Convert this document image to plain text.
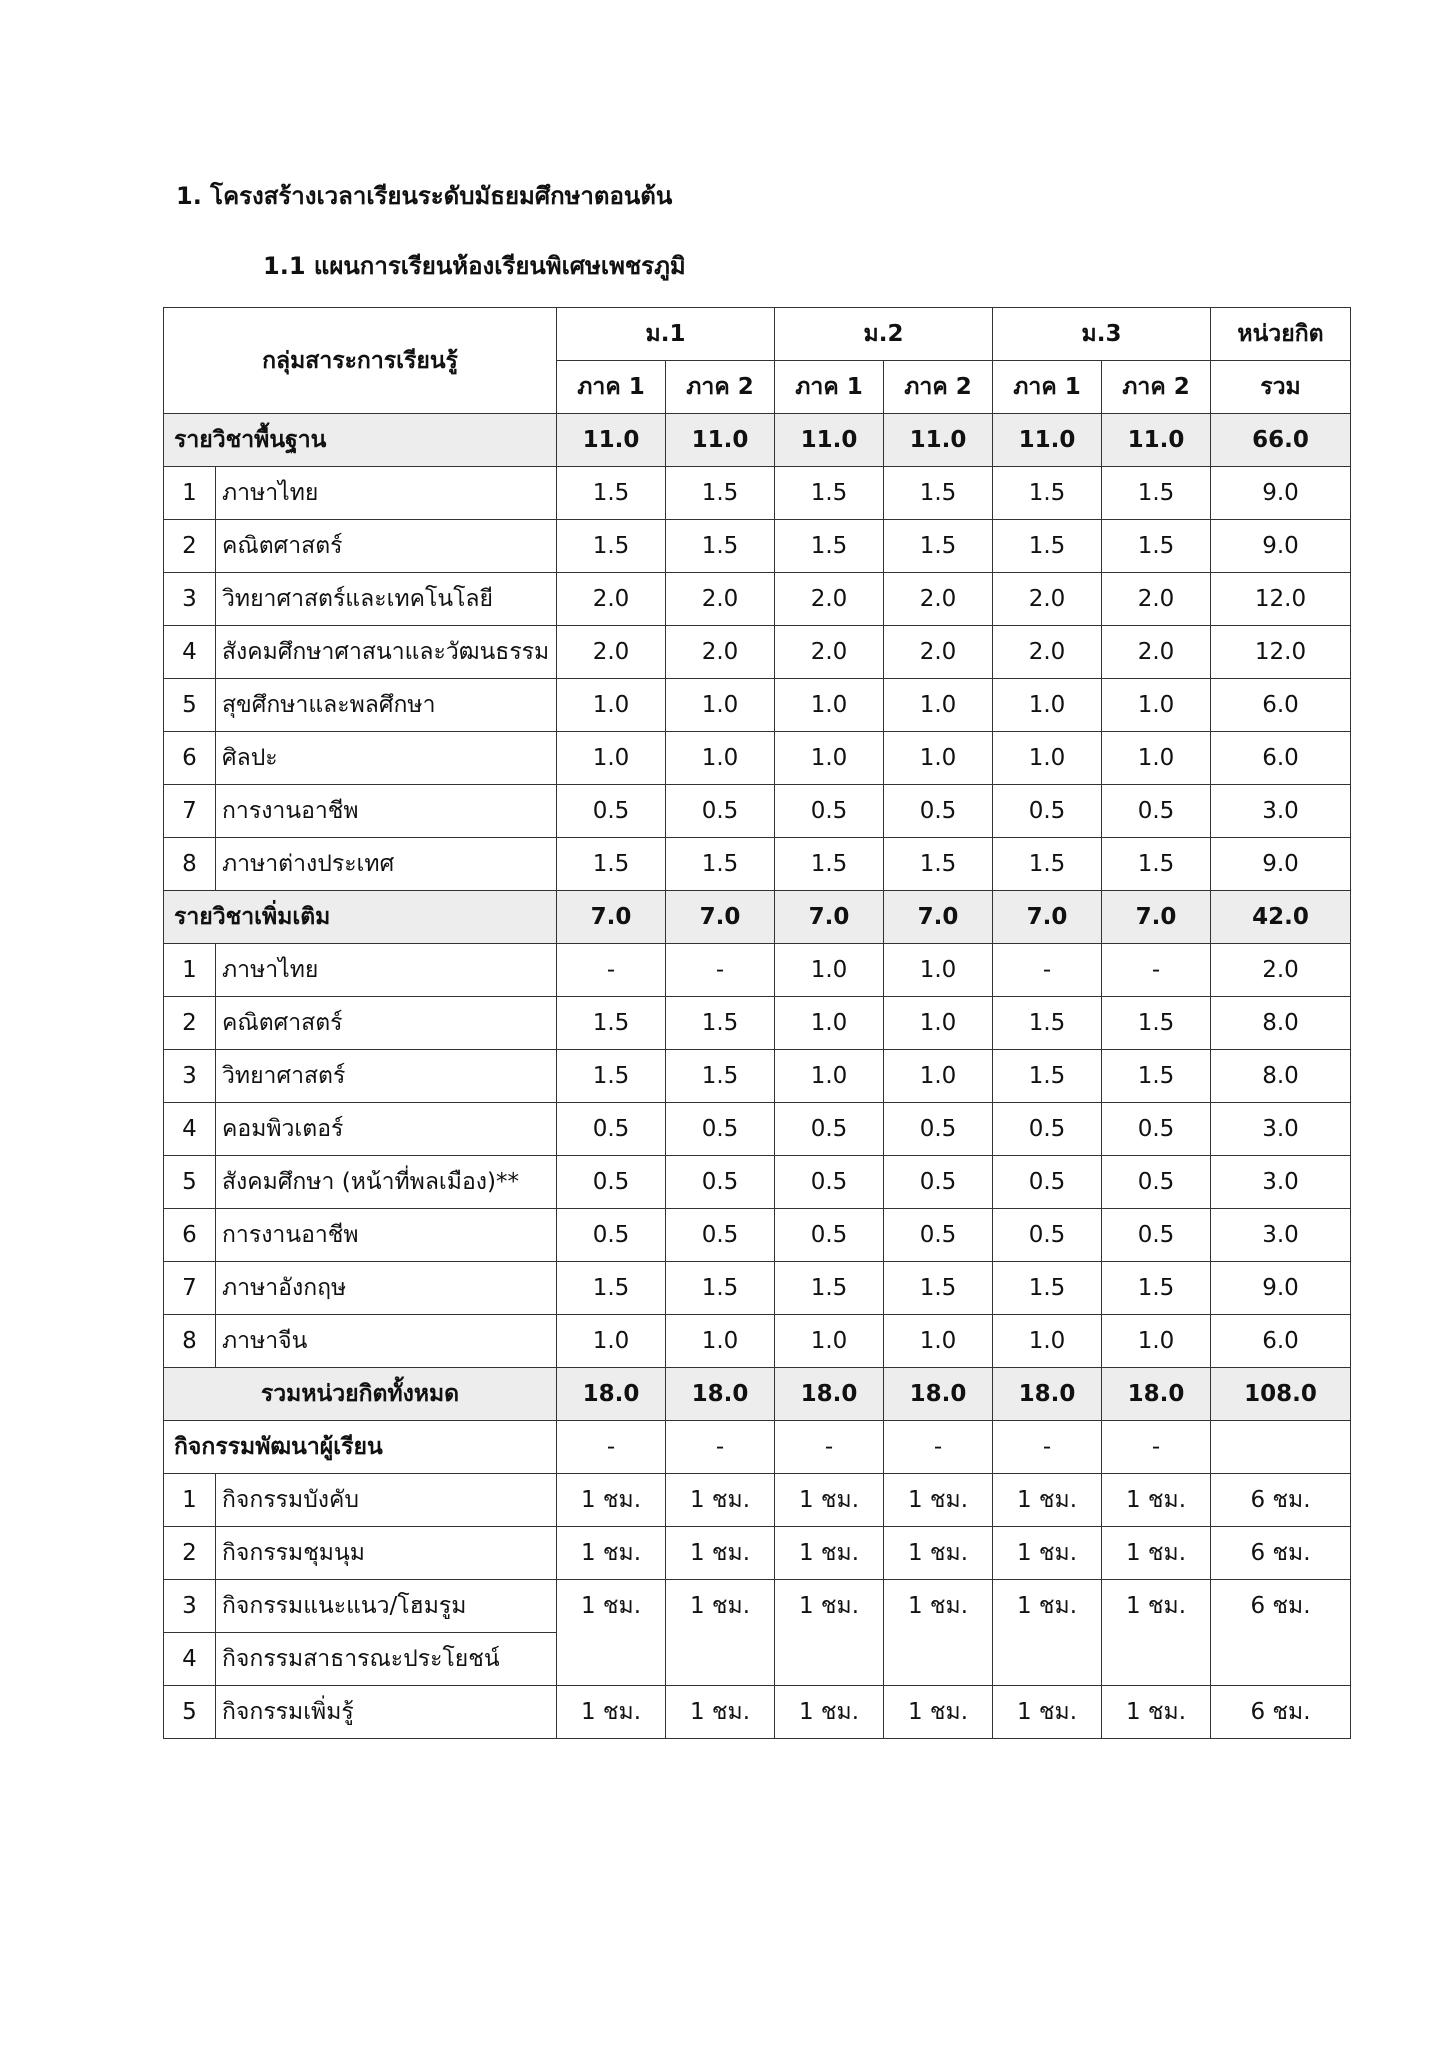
1. โครงสร้างเวลาเรียนระดับมัธยมศึกษาตอนต้น
1.1 แผนการเรียนห้องเรียนพิเศษเพชรภูมิ
กลุ่มสาระการเรียนรู้		ม.1		ม.2		ม.3		หน่วยกิต
		ภาค 1	ภาค 2	ภาค 1	ภาค 2	ภาค 1	ภาค 2	รวม
รายวิชาพื้นฐาน		11.0	11.0	11.0	11.0	11.0	11.0	66.0
1	ภาษาไทย	1.5	1.5	1.5	1.5	1.5	1.5	9.0
2	คณิตศาสตร์	1.5	1.5	1.5	1.5	1.5	1.5	9.0
3	วิทยาศาสตร์และเทคโนโลยี	2.0	2.0	2.0	2.0	2.0	2.0	12.0
4	สังคมศึกษาศาสนาและวัฒนธรรม	2.0	2.0	2.0	2.0	2.0	2.0	12.0
5	สุขศึกษาและพลศึกษา	1.0	1.0	1.0	1.0	1.0	1.0	6.0
6	ศิลปะ	1.0	1.0	1.0	1.0	1.0	1.0	6.0
7	การงานอาชีพ	0.5	0.5	0.5	0.5	0.5	0.5	3.0
8	ภาษาต่างประเทศ	1.5	1.5	1.5	1.5	1.5	1.5	9.0
รายวิชาเพิ่มเติม		7.0	7.0	7.0	7.0	7.0	7.0	42.0
1	ภาษาไทย	-	-	1.0	1.0	-	-	2.0
2	คณิตศาสตร์	1.5	1.5	1.0	1.0	1.5	1.5	8.0
3	วิทยาศาสตร์	1.5	1.5	1.0	1.0	1.5	1.5	8.0
4	คอมพิวเตอร์	0.5	0.5	0.5	0.5	0.5	0.5	3.0
5	สังคมศึกษา (หน้าที่พลเมือง)**	0.5	0.5	0.5	0.5	0.5	0.5	3.0
6	การงานอาชีพ	0.5	0.5	0.5	0.5	0.5	0.5	3.0
7	ภาษาอังกฤษ	1.5	1.5	1.5	1.5	1.5	1.5	9.0
8	ภาษาจีน	1.0	1.0	1.0	1.0	1.0	1.0	6.0
รวมหน่วยกิตทั้งหมด		18.0	18.0	18.0	18.0	18.0	18.0	108.0
กิจกรรมพัฒนาผู้เรียน		-	-	-	-	-	-	
1	กิจกรรมบังคับ	1 ชม.	1 ชม.	1 ชม.	1 ชม.	1 ชม.	1 ชม.	6 ชม.
2	กิจกรรมชุมนุม	1 ชม.	1 ชม.	1 ชม.	1 ชม.	1 ชม.	1 ชม.	6 ชม.
3	กิจกรรมแนะแนว/โฮมรูม	1 ชม.	1 ชม.	1 ชม.	1 ชม.	1 ชม.	1 ชม.	6 ชม.
4	กิจกรรมสาธารณะประโยชน์							
5	กิจกรรมเพิ่มรู้	1 ชม.	1 ชม.	1 ชม.	1 ชม.	1 ชม.	1 ชม.	6 ชม.
